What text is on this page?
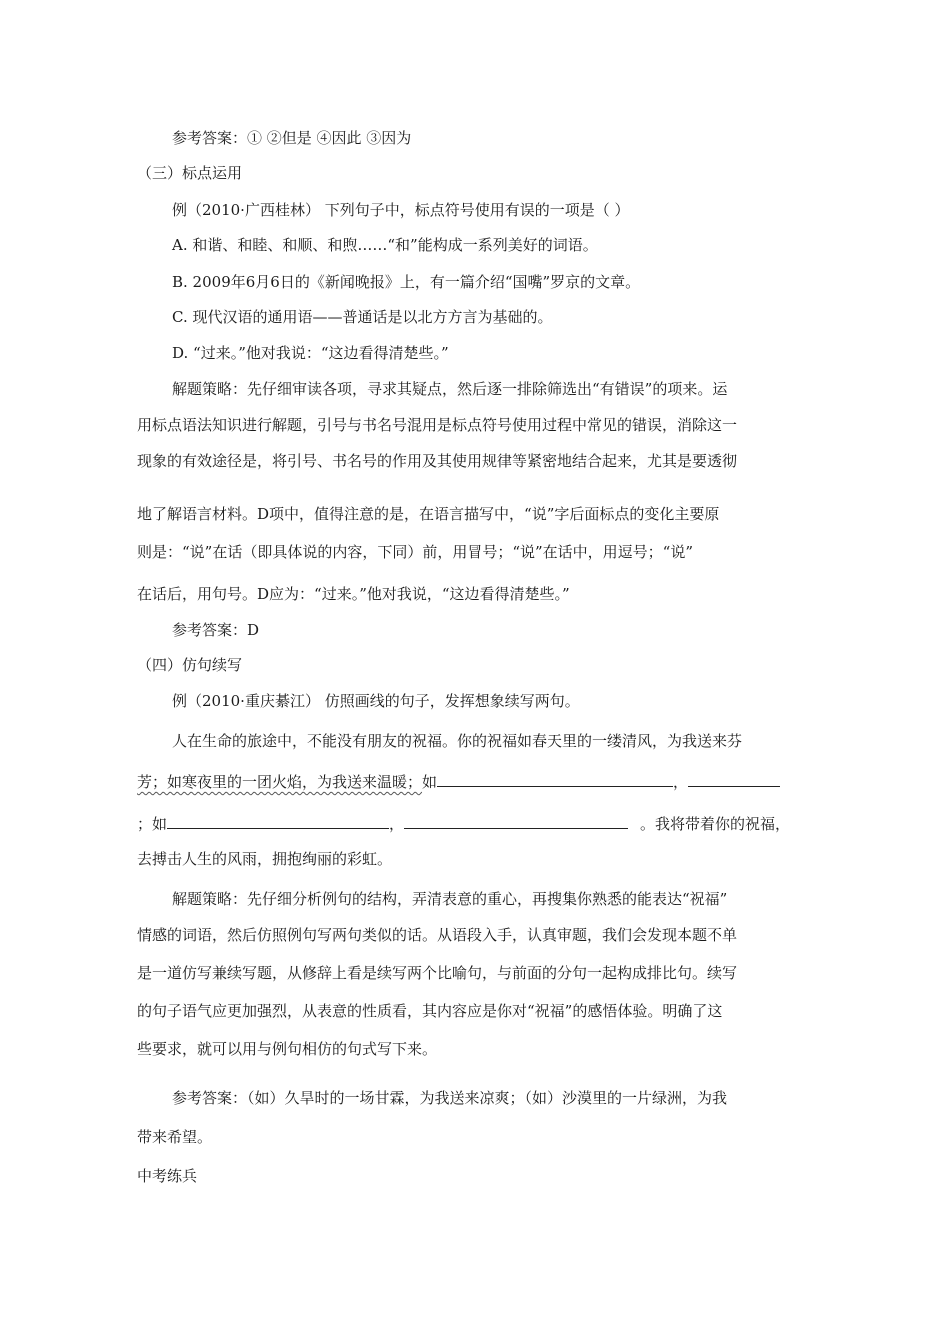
参考答案：① ②但是 ④因此 ③因为
（三）标点运用
例（2010·广西桂林） 下列句子中，标点符号使用有误的一项是（ ）
A. 和谐、和睦、和顺、和煦……“和”能构成一系列美好的词语。
B. 2009年6月6日的《新闻晚报》上，有一篇介绍“国嘴”罗京的文章。
C. 现代汉语的通用语——普通话是以北方方言为基础的。
D. “过来。”他对我说：“这边看得清楚些。”
解题策略：先仔细审读各项，寻求其疑点，然后逐一排除筛选出“有错误”的项来。运
用标点语法知识进行解题，引号与书名号混用是标点符号使用过程中常见的错误，消除这一
现象的有效途径是，将引号、书名号的作用及其使用规律等紧密地结合起来，尤其是要透彻
地了解语言材料。D项中，值得注意的是，在语言描写中，“说”字后面标点的变化主要原
则是：“说”在话（即具体说的内容，下同）前，用冒号；“说”在话中，用逗号；“说”
在话后，用句号。D应为：“过来。”他对我说，“这边看得清楚些。”
参考答案：D
（四）仿句续写
例（2010·重庆綦江） 仿照画线的句子，发挥想象续写两句。
人在生命的旅途中，不能没有朋友的祝福。你的祝福如春天里的一缕清风，为我送来芬
芳；如寒夜里的一团火焰，为我送来温暖；如	，
；如	，	。我将带着你的祝福，
去搏击人生的风雨，拥抱绚丽的彩虹。
解题策略：先仔细分析例句的结构，弄清表意的重心，再搜集你熟悉的能表达“祝福”
情感的词语，然后仿照例句写两句类似的话。从语段入手，认真审题，我们会发现本题不单
是一道仿写兼续写题，从修辞上看是续写两个比喻句，与前面的分句一起构成排比句。续写
的句子语气应更加强烈，从表意的性质看，其内容应是你对“祝福”的感悟体验。明确了这
些要求，就可以用与例句相仿的句式写下来。
参考答案：（如）久旱时的一场甘霖，为我送来凉爽；（如）沙漠里的一片绿洲，为我
带来希望。
中考练兵
